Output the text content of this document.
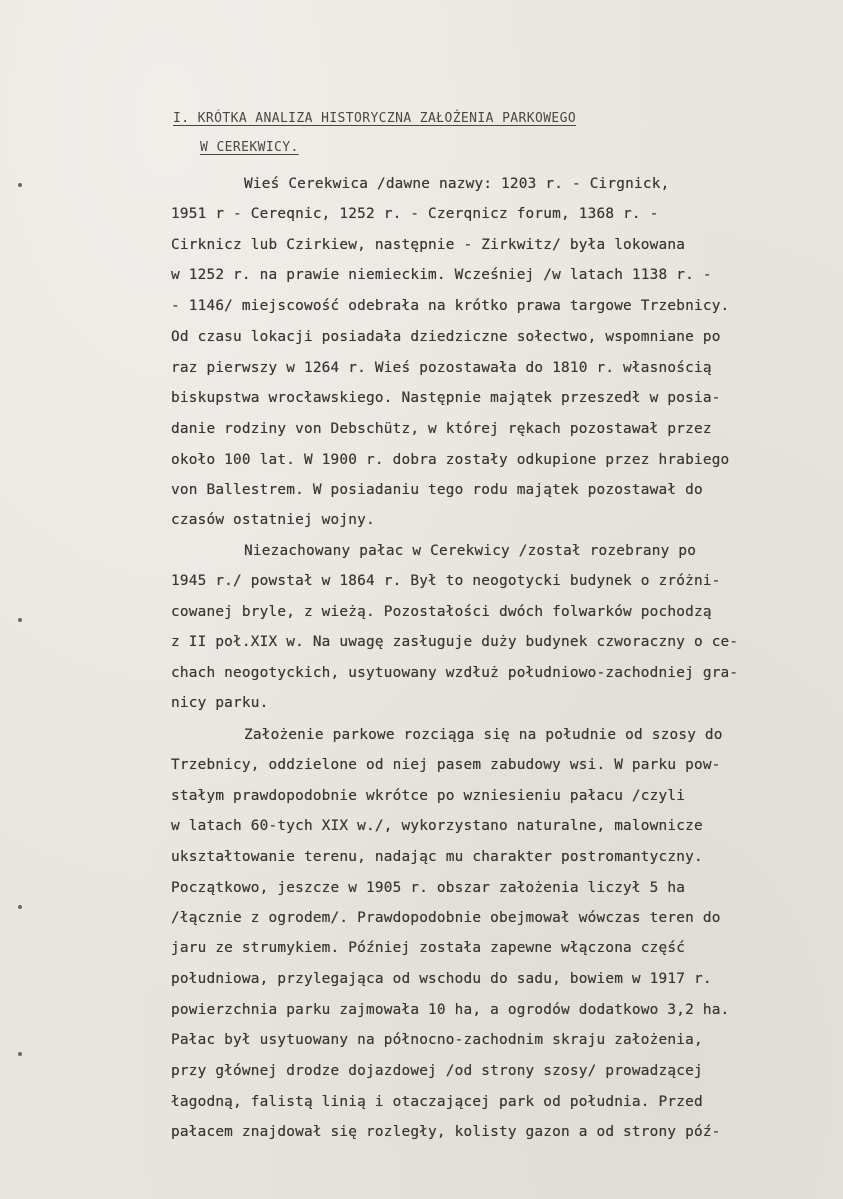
I. KRÓTKA ANALIZA HISTORYCZNA ZAŁOŻENIA PARKOWEGO
W CEREKWICY.
Wieś Cerekwica /dawne nazwy: 1203 r. - Cirgnick,
1951 r - Cereqnic, 1252 r. - Czerqnicz forum, 1368 r. -
Cirknicz lub Czirkiew, następnie - Zirkwitz/ była lokowana
w 1252 r. na prawie niemieckim. Wcześniej /w latach 1138 r. -
- 1146/ miejscowość odebrała na krótko prawa targowe Trzebnicy.
Od czasu lokacji posiadała dziedziczne sołectwo, wspomniane po
raz pierwszy w 1264 r. Wieś pozostawała do 1810 r. własnością
biskupstwa wrocławskiego. Następnie majątek przeszedł w posia-
danie rodziny von Debschütz, w której rękach pozostawał przez
około 100 lat. W 1900 r. dobra zostały odkupione przez hrabiego
von Ballestrem. W posiadaniu tego rodu majątek pozostawał do
czasów ostatniej wojny.
Niezachowany pałac w Cerekwicy /został rozebrany po
1945 r./ powstał w 1864 r. Był to neogotycki budynek o zróżni-
cowanej bryle, z wieżą. Pozostałości dwóch folwarków pochodzą
z II poł.XIX w. Na uwagę zasługuje duży budynek czworaczny o ce-
chach neogotyckich, usytuowany wzdłuż południowo-zachodniej gra-
nicy parku.
Założenie parkowe rozciąga się na południe od szosy do
Trzebnicy, oddzielone od niej pasem zabudowy wsi. W parku pow-
stałym prawdopodobnie wkrótce po wzniesieniu pałacu /czyli
w latach 60-tych XIX w./, wykorzystano naturalne, malownicze
ukształtowanie terenu, nadając mu charakter postromantyczny.
Początkowo, jeszcze w 1905 r. obszar założenia liczył 5 ha
/łącznie z ogrodem/. Prawdopodobnie obejmował wówczas teren do
jaru ze strumykiem. Później została zapewne włączona część
południowa, przylegająca od wschodu do sadu, bowiem w 1917 r.
powierzchnia parku zajmowała 10 ha, a ogrodów dodatkowo 3,2 ha.
Pałac był usytuowany na północno-zachodnim skraju założenia,
przy głównej drodze dojazdowej /od strony szosy/ prowadzącej
łagodną, falistą linią i otaczającej park od południa. Przed
pałacem znajdował się rozległy, kolisty gazon a od strony póź-
